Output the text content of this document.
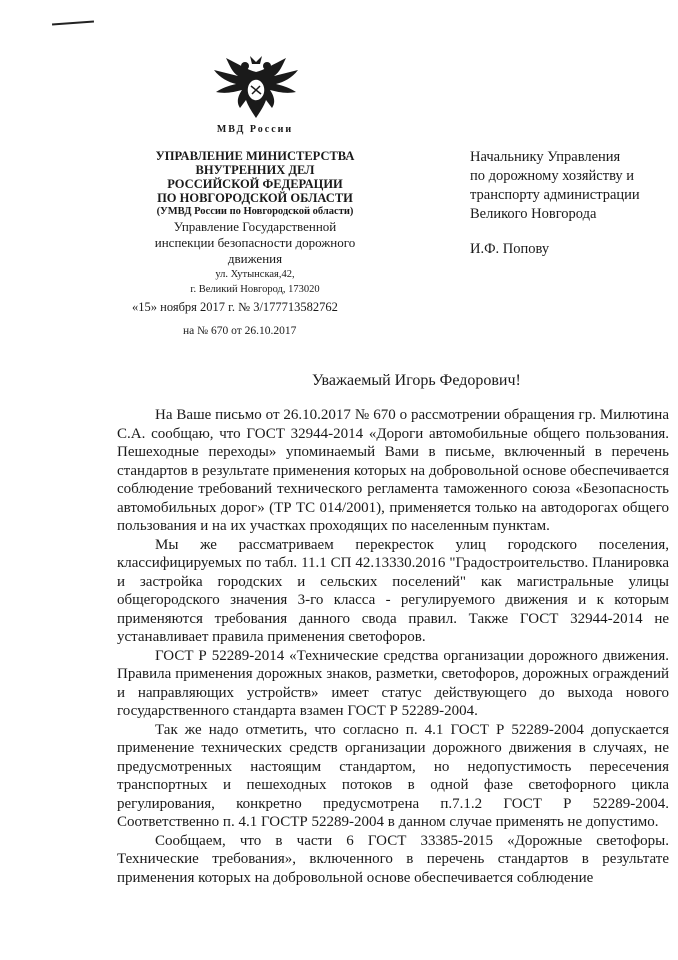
МВД России
УПРАВЛЕНИЕ МИНИСТЕРСТВА
ВНУТРЕННИХ ДЕЛ
РОССИЙСКОЙ ФЕДЕРАЦИИ
ПО НОВГОРОДСКОЙ ОБЛАСТИ
(УМВД России по Новгородской области)
Управление Государственной
инспекции безопасности дорожного
движения
ул. Хутынская,42,
г. Великий Новгород, 173020
«15» ноября 2017 г. № 3/177713582762
на № 670 от 26.10.2017
Начальнику Управления
по дорожному хозяйству и
транспорту администрации
Великого Новгорода
И.Ф. Попову
Уважаемый Игорь Федорович!

На Ваше письмо от 26.10.2017 № 670 о рассмотрении обращения гр. Милютина С.А. сообщаю, что ГОСТ 32944-2014 «Дороги автомобильные общего пользования. Пешеходные переходы» упоминаемый Вами в письме, включенный в перечень стандартов в результате применения которых на добровольной основе обеспечивается соблюдение требований технического регламента таможенного союза «Безопасность автомобильных дорог» (ТР ТС 014/2001), применяется только на автодорогах общего пользования и на их участках проходящих по населенным пунктам.

Мы же рассматриваем перекресток улиц городского поселения, классифицируемых по табл. 11.1 СП 42.13330.2016 "Градостроительство. Планировка и застройка городских и сельских поселений" как магистральные улицы общегородского значения 3-го класса - регулируемого движения и к которым применяются требования данного свода правил. Также ГОСТ 32944-2014 не устанавливает правила применения светофоров.

ГОСТ Р 52289-2014 «Технические средства организации дорожного движения. Правила применения дорожных знаков, разметки, светофоров, дорожных ограждений и направляющих устройств» имеет статус действующего до выхода нового государственного стандарта взамен ГОСТ Р 52289-2004.

Так же надо отметить, что согласно п. 4.1 ГОСТ Р 52289-2004 допускается применение технических средств организации дорожного движения в случаях, не предусмотренных настоящим стандартом, но недопустимость пересечения транспортных и пешеходных потоков в одной фазе светофорного цикла регулирования, конкретно предусмотрена п.7.1.2 ГОСТ Р 52289-2004. Соответственно п. 4.1 ГОСТР 52289-2004 в данном случае применять не допустимо.

Сообщаем, что в части 6 ГОСТ 33385-2015 «Дорожные светофоры. Технические требования», включенного в перечень стандартов в результате применения которых на добровольной основе обеспечивается соблюдение
